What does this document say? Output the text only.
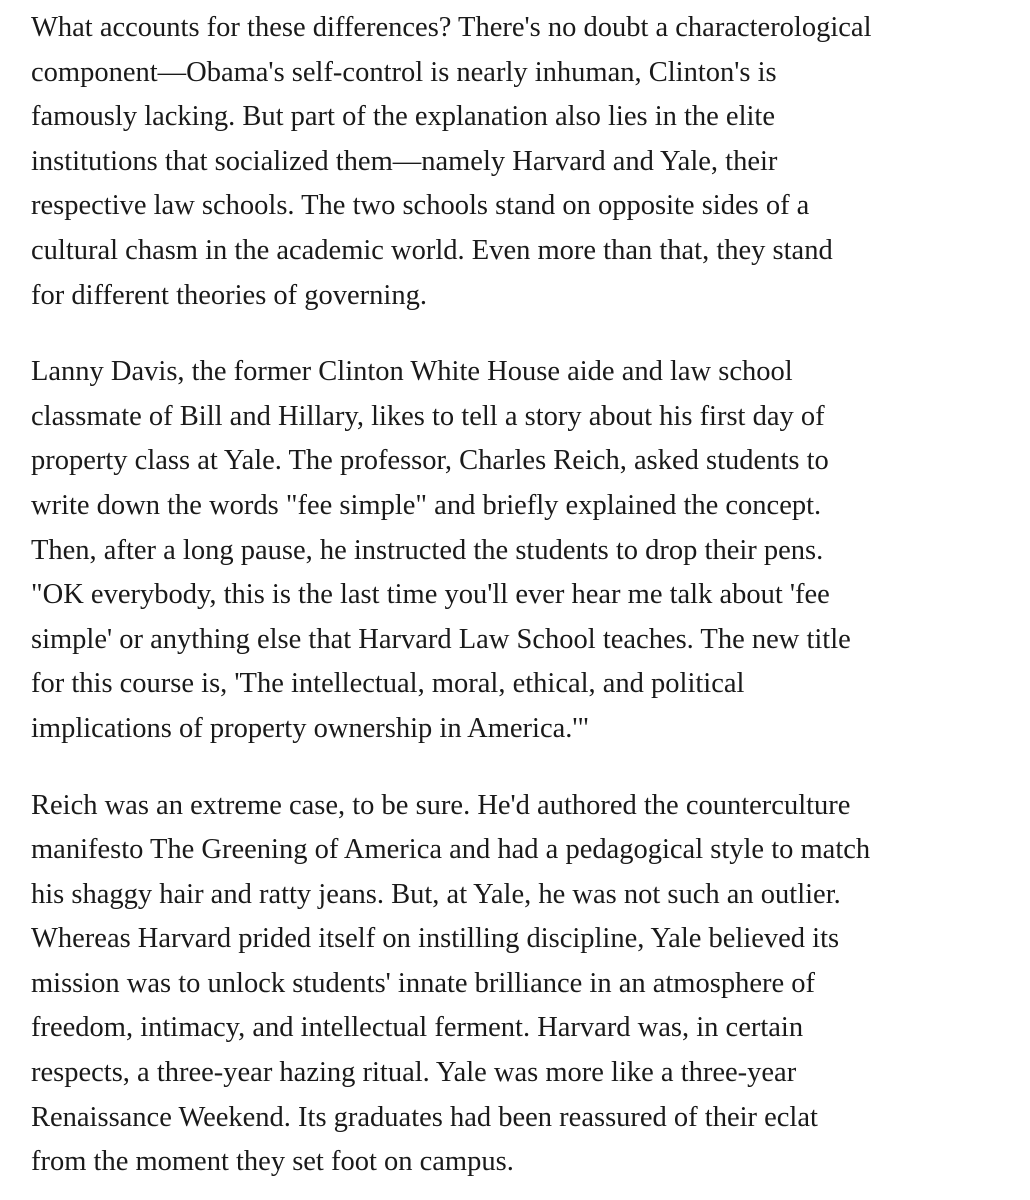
What accounts for these differences? There's no doubt a characterological
component—Obama's self-control is nearly inhuman, Clinton's is
famously lacking. But part of the explanation also lies in the elite
institutions that socialized them—namely Harvard and Yale, their
respective law schools. The two schools stand on opposite sides of a
cultural chasm in the academic world. Even more than that, they stand
for different theories of governing.

Lanny Davis, the former Clinton White House aide and law school
classmate of Bill and Hillary, likes to tell a story about his first day of
property class at Yale. The professor, Charles Reich, asked students to
write down the words "fee simple" and briefly explained the concept.
Then, after a long pause, he instructed the students to drop their pens.
"OK everybody, this is the last time you'll ever hear me talk about 'fee
simple' or anything else that Harvard Law School teaches. The new title
for this course is, 'The intellectual, moral, ethical, and political
implications of property ownership in America.'"

Reich was an extreme case, to be sure. He'd authored the counterculture
manifesto The Greening of America and had a pedagogical style to match
his shaggy hair and ratty jeans. But, at Yale, he was not such an outlier.
Whereas Harvard prided itself on instilling discipline, Yale believed its
mission was to unlock students' innate brilliance in an atmosphere of
freedom, intimacy, and intellectual ferment. Harvard was, in certain
respects, a three-year hazing ritual. Yale was more like a three-year
Renaissance Weekend. Its graduates had been reassured of their eclat
from the moment they set foot on campus.
